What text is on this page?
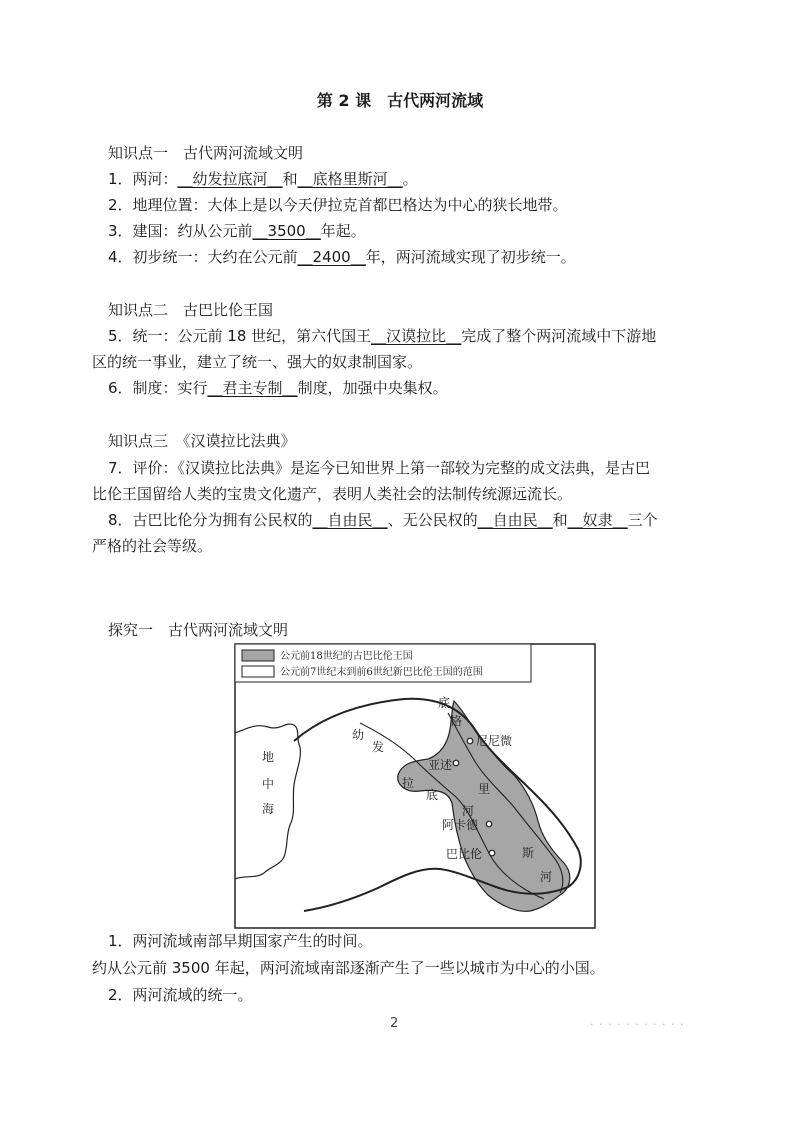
第 2 课　古代两河流域
知识点一　古代两河流域文明
1．两河：__幼发拉底河__和__底格里斯河__。
2．地理位置：大体上是以今天伊拉克首都巴格达为中心的狭长地带。
3．建国：约从公元前__3500__年起。
4．初步统一：大约在公元前__2400__年，两河流域实现了初步统一。
知识点二　古巴比伦王国
5．统一：公元前 18 世纪，第六代国王__汉谟拉比__完成了整个两河流域中下游地
区的统一事业，建立了统一、强大的奴隶制国家。
6．制度：实行__君主专制__制度，加强中央集权。
知识点三　《汉谟拉比法典》
7．评价：《汉谟拉比法典》是迄今已知世界上第一部较为完整的成文法典，是古巴
比伦王国留给人类的宝贵文化遗产，表明人类社会的法制传统源远流长。
8．古巴比伦分为拥有公民权的__自由民__、无公民权的__自由民__和__奴隶__三个
严格的社会等级。
探究一　古代两河流域文明
公元前18世纪的古巴比伦王国
公元前7世纪末到前6世纪新巴比伦王国的范围
地
中
海
幼
发
拉
底
底
格
里
斯
河
河
尼尼微
亚述
阿卡德
巴比伦
1．两河流域南部早期国家产生的时间。
约从公元前 3500 年起，两河流域南部逐渐产生了一些以城市为中心的小国。
2．两河流域的统一。
2	· · · · · · · · · · ·
